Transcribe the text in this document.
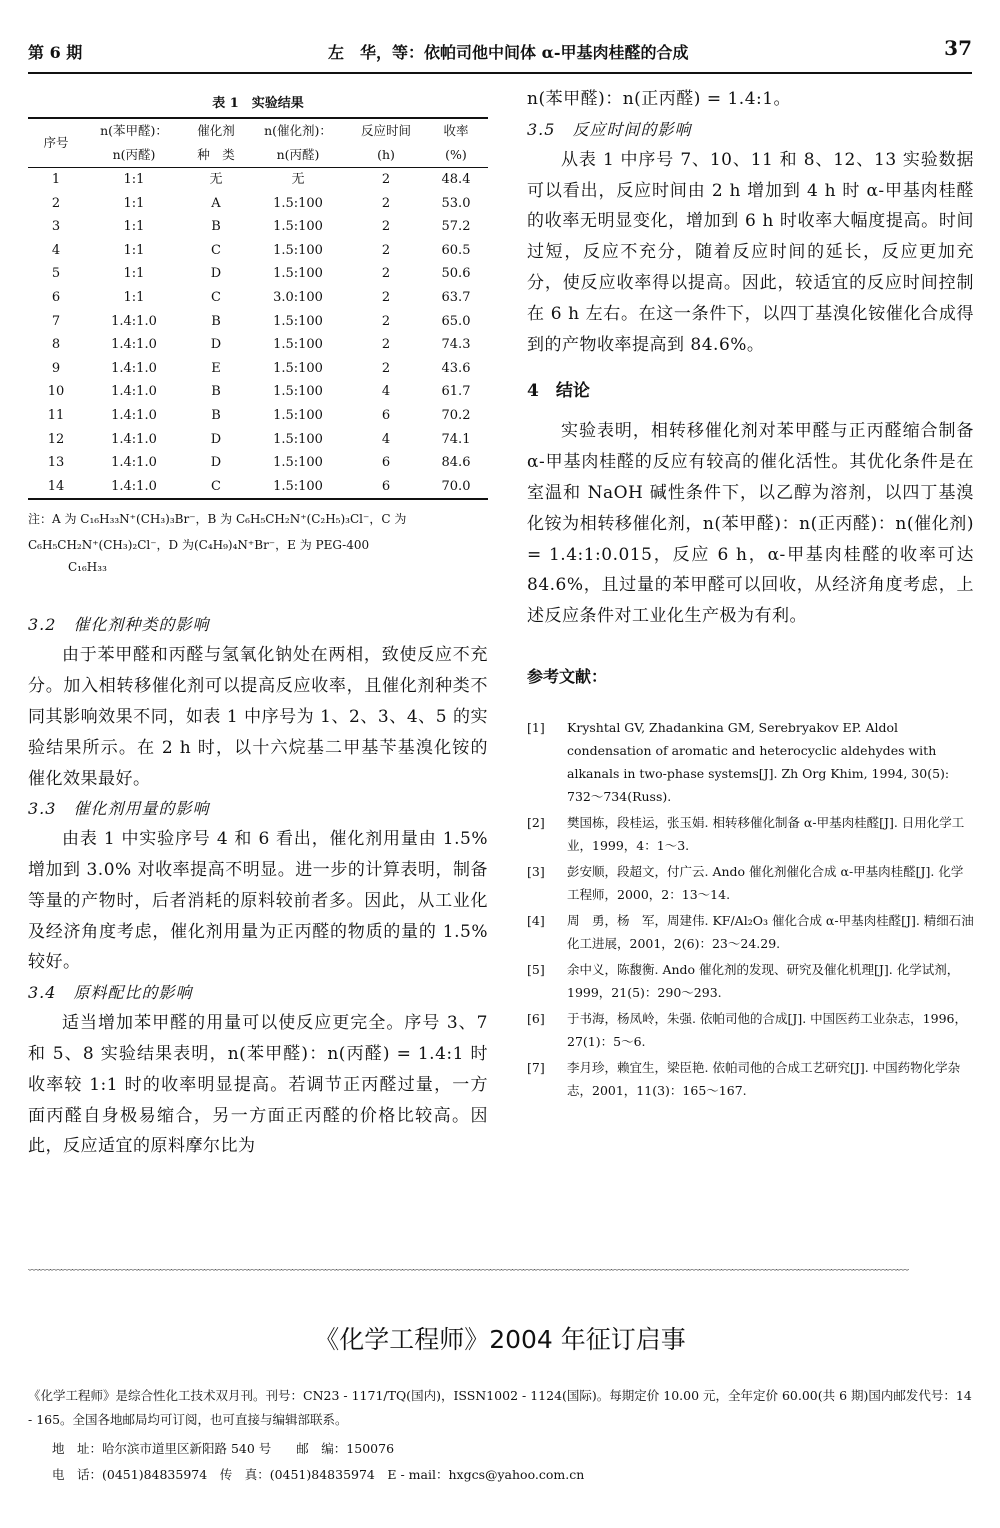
第 6 期	左　华，等：依帕司他中间体 α-甲基肉桂醛的合成	37
表 1　实验结果
序号	n(苯甲醛)：	催化剂	n(催化剂)：	反应时间	收率
	n(丙醛)	种　类	n(丙醛)	(h)	(%)
1	1:1	无	无	2	48.4
2	1:1	A	1.5:100	2	53.0
3	1:1	B	1.5:100	2	57.2
4	1:1	C	1.5:100	2	60.5
5	1:1	D	1.5:100	2	50.6
6	1:1	C	3.0:100	2	63.7
7	1.4:1.0	B	1.5:100	2	65.0
8	1.4:1.0	D	1.5:100	2	74.3
9	1.4:1.0	E	1.5:100	2	43.6
10	1.4:1.0	B	1.5:100	4	61.7
11	1.4:1.0	B	1.5:100	6	70.2
12	1.4:1.0	D	1.5:100	4	74.1
13	1.4:1.0	D	1.5:100	6	84.6
14	1.4:1.0	C	1.5:100	6	70.0
注：A 为 C₁₆H₃₃N⁺(CH₃)₃Br⁻，B 为 C₆H₅CH₂N⁺(C₂H₅)₃Cl⁻，C 为
C₆H₅CH₂N⁺(CH₃)₂Cl⁻，D 为(C₄H₉)₄N⁺Br⁻，E 为 PEG-400
C₁₆H₃₃
3.2　催化剂种类的影响

由于苯甲醛和丙醛与氢氧化钠处在两相，致使反应不充分。加入相转移催化剂可以提高反应收率，且催化剂种类不同其影响效果不同，如表 1 中序号为 1、2、3、4、5 的实验结果所示。在 2 h 时，以十六烷基二甲基苄基溴化铵的催化效果最好。

3.3　催化剂用量的影响

由表 1 中实验序号 4 和 6 看出，催化剂用量由 1.5% 增加到 3.0% 对收率提高不明显。进一步的计算表明，制备等量的产物时，后者消耗的原料较前者多。因此，从工业化及经济角度考虑，催化剂用量为正丙醛的物质的量的 1.5% 较好。

3.4　原料配比的影响

适当增加苯甲醛的用量可以使反应更完全。序号 3、7 和 5、8 实验结果表明，n(苯甲醛)：n(丙醛) = 1.4:1 时收率较 1:1 时的收率明显提高。若调节正丙醛过量，一方面丙醛自身极易缩合，另一方面正丙醛的价格比较高。因此，反应适宜的原料摩尔比为

n(苯甲醛)：n(正丙醛) = 1.4:1。

3.5　反应时间的影响

从表 1 中序号 7、10、11 和 8、12、13 实验数据可以看出，反应时间由 2 h 增加到 4 h 时 α-甲基肉桂醛的收率无明显变化，增加到 6 h 时收率大幅度提高。时间过短，反应不充分，随着反应时间的延长，反应更加充分，使反应收率得以提高。因此，较适宜的反应时间控制在 6 h 左右。在这一条件下，以四丁基溴化铵催化合成得到的产物收率提高到 84.6%。

4　结论

实验表明，相转移催化剂对苯甲醛与正丙醛缩合制备 α-甲基肉桂醛的反应有较高的催化活性。其优化条件是在室温和 NaOH 碱性条件下，以乙醇为溶剂，以四丁基溴化铵为相转移催化剂，n(苯甲醛)：n(正丙醛)：n(催化剂) = 1.4:1:0.015，反应 6 h，α-甲基肉桂醛的收率可达 84.6%，且过量的苯甲醛可以回收，从经济角度考虑，上述反应条件对工业化生产极为有利。

参考文献：
[1] Kryshtal GV, Zhadankina GM, Serebryakov EP. Aldol condensation of aromatic and heterocyclic aldehydes with alkanals in two-phase systems[J]. Zh Org Khim, 1994, 30(5): 732～734(Russ).
[2] 樊国栋，段桂运，张玉娟. 相转移催化制备 α-甲基肉桂醛[J]. 日用化学工业，1999，4：1～3.
[3] 彭安顺，段超文，付广云. Ando 催化剂催化合成 α-甲基肉桂醛[J]. 化学工程师，2000，2：13～14.
[4] 周　勇，杨　军，周建伟. KF/Al₂O₃ 催化合成 α-甲基肉桂醛[J]. 精细石油化工进展，2001，2(6)：23～24.29.
[5] 余中义，陈馥衡. Ando 催化剂的发现、研究及催化机理[J]. 化学试剂，1999，21(5)：290～293.
[6] 于书海，杨凤岭，朱强. 依帕司他的合成[J]. 中国医药工业杂志，1996，27(1)：5～6.
[7] 李月珍，赖宜生，梁臣艳. 依帕司他的合成工艺研究[J]. 中国药物化学杂志，2001，11(3)：165～167.
﹏﹏﹏﹏﹏﹏﹏﹏﹏﹏﹏﹏﹏﹏﹏﹏﹏﹏﹏﹏﹏﹏﹏﹏﹏﹏﹏﹏﹏﹏﹏﹏﹏﹏﹏﹏﹏﹏﹏﹏﹏﹏﹏﹏﹏﹏﹏﹏﹏﹏﹏﹏﹏﹏﹏﹏﹏﹏﹏﹏﹏﹏﹏﹏﹏﹏﹏﹏﹏﹏﹏﹏﹏﹏﹏﹏﹏﹏﹏﹏
《化学工程师》2004 年征订启事
《化学工程师》是综合性化工技术双月刊。刊号：CN23 - 1171/TQ(国内)，ISSN1002 - 1124(国际)。每期定价 10.00 元，全年定价 60.00(共 6 期)国内邮发代号：14 - 165。全国各地邮局均可订阅，也可直接与编辑部联系。
地　址：哈尔滨市道里区新阳路 540 号　　邮　编：150076
电　话：(0451)84835974　传　真：(0451)84835974　E - mail：hxgcs@yahoo.com.cn
